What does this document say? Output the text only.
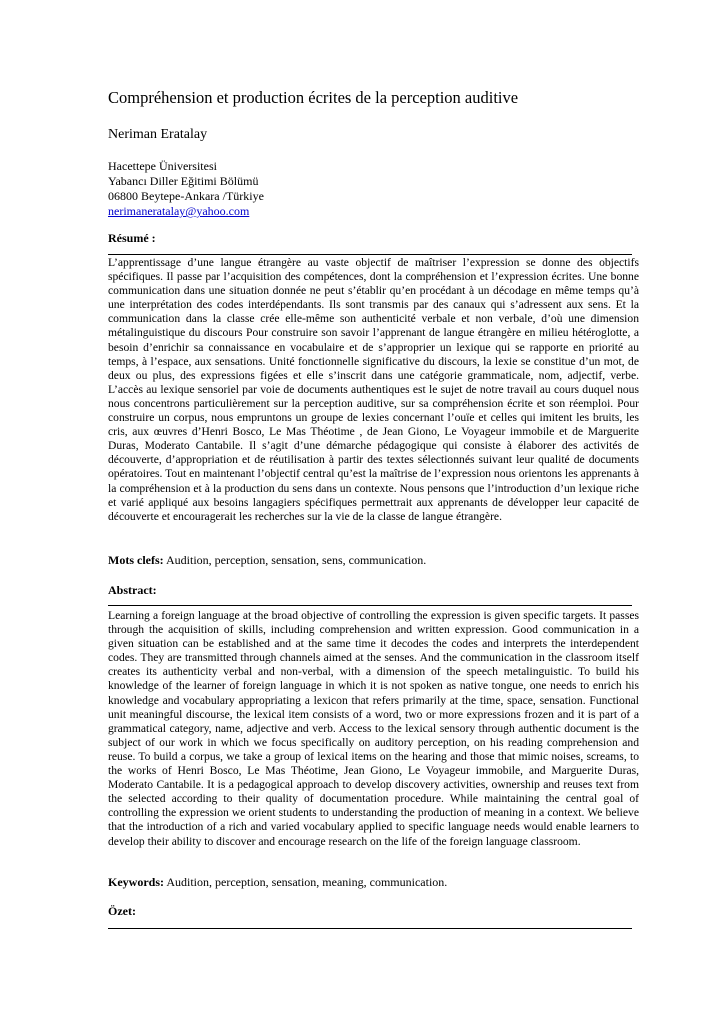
Compréhension et production écrites de la perception auditive
Neriman Eratalay
Hacettepe Üniversitesi
Yabancı Diller Eğitimi Bölümü
06800 Beytepe-Ankara /Türkiye
nerimaneratalay@yahoo.com
Résumé :

L’apprentissage d’une langue étrangère au vaste objectif de maîtriser l’expression se donne des objectifs spécifiques. Il passe par l’acquisition des compétences, dont la compréhension et l’expression écrites. Une bonne communication dans une situation donnée ne peut s’établir qu’en procédant à un décodage en même temps qu’à une interprétation des codes interdépendants. Ils sont transmis par des canaux qui s’adressent aux sens. Et la communication dans la classe crée elle-même son authenticité verbale et non verbale, d’où une dimension métalinguistique du discours Pour construire son savoir l’apprenant de langue étrangère en milieu hétéroglotte, a besoin d’enrichir sa connaissance en vocabulaire et de s’approprier un lexique qui se rapporte en priorité au temps, à l’espace, aux sensations. Unité fonctionnelle significative du discours, la lexie se constitue d’un mot, de deux ou plus, des expressions figées et elle s’inscrit dans une catégorie grammaticale, nom, adjectif, verbe. L’accès au lexique sensoriel par voie de documents authentiques est le sujet de notre travail au cours duquel nous nous concentrons particulièrement sur la perception auditive, sur sa compréhension écrite et son réemploi. Pour construire un corpus, nous empruntons un groupe de lexies concernant l’ouïe et celles qui imitent les bruits, les cris, aux œuvres d’Henri Bosco, Le Mas Théotime , de Jean Giono, Le Voyageur immobile et de Marguerite Duras, Moderato Cantabile. Il s’agit d’une démarche pédagogique qui consiste à élaborer des activités de découverte, d’appropriation et de réutilisation à partir des textes sélectionnés suivant leur qualité de documents opératoires. Tout en maintenant l’objectif central qu’est la maîtrise de l’expression nous orientons les apprenants à la compréhension et à la production du sens dans un contexte. Nous pensons que l’introduction d’un lexique riche et varié appliqué aux besoins langagiers spécifiques permettrait aux apprenants de développer leur capacité de découverte et encouragerait les recherches sur la vie de la classe de langue étrangère.

Mots clefs: Audition, perception, sensation, sens, communication.
Abstract:

Learning a foreign language at the broad objective of controlling the expression is given specific targets. It passes through the acquisition of skills, including comprehension and written expression. Good communication in a given situation can be established and at the same time it decodes the codes and interprets the interdependent codes. They are transmitted through channels aimed at the senses. And the communication in the classroom itself creates its authenticity verbal and non-verbal, with a dimension of the speech metalinguistic. To build his knowledge of the learner of foreign language in which it is not spoken as native tongue, one needs to enrich his knowledge and vocabulary appropriating a lexicon that refers primarily at the time, space, sensation. Functional unit meaningful discourse, the lexical item consists of a word, two or more expressions frozen and it is part of a grammatical category, name, adjective and verb. Access to the lexical sensory through authentic document is the subject of our work in which we focus specifically on auditory perception, on his reading comprehension and reuse. To build a corpus, we take a group of lexical items on the hearing and those that mimic noises, screams, to the works of Henri Bosco, Le Mas Théotime, Jean Giono, Le Voyageur immobile, and Marguerite Duras, Moderato Cantabile. It is a pedagogical approach to develop discovery activities, ownership and reuses text from the selected according to their quality of documentation procedure. While maintaining the central goal of controlling the expression we orient students to understanding the production of meaning in a context. We believe that the introduction of a rich and varied vocabulary applied to specific language needs would enable learners to develop their ability to discover and encourage research on the life of the foreign language classroom.

Keywords: Audition, perception, sensation, meaning, communication.
Özet:
